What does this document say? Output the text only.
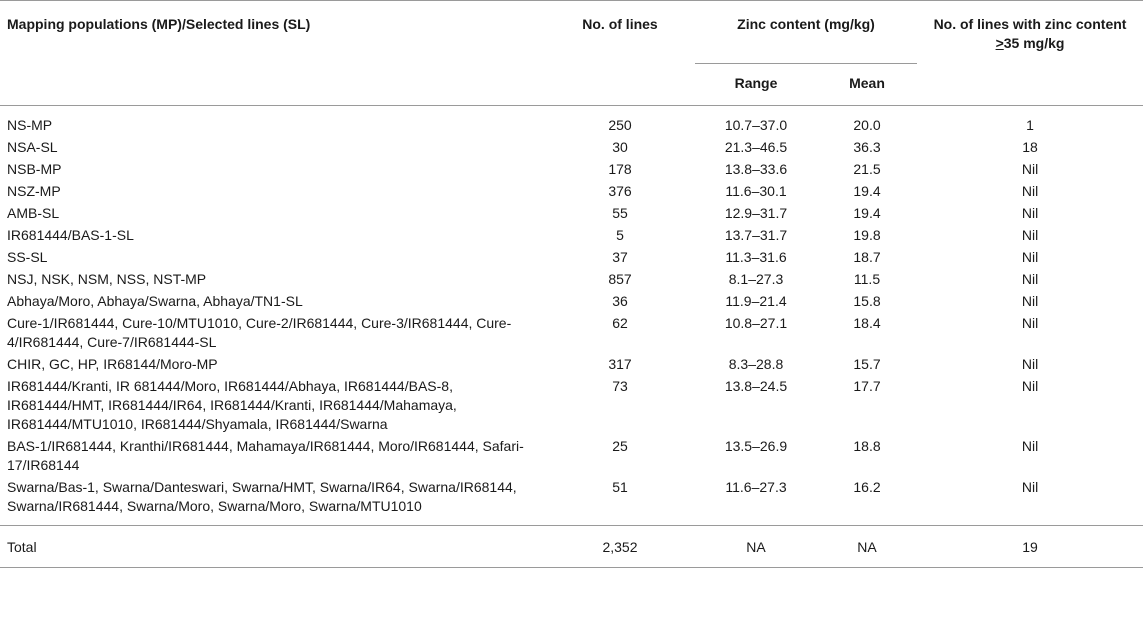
Mapping populations (MP)/Selected lines (SL)	No. of lines	Zinc content (mg/kg)		No. of lines with zinc content ≥35 mg/kg
		Range	Mean	
NS-MP	250	10.7–37.0	20.0	1
NSA-SL	30	21.3–46.5	36.3	18
NSB-MP	178	13.8–33.6	21.5	Nil
NSZ-MP	376	11.6–30.1	19.4	Nil
AMB-SL	55	12.9–31.7	19.4	Nil
IR681444/BAS-1-SL	5	13.7–31.7	19.8	Nil
SS-SL	37	11.3–31.6	18.7	Nil
NSJ, NSK, NSM, NSS, NST-MP	857	8.1–27.3	11.5	Nil
Abhaya/Moro, Abhaya/Swarna, Abhaya/TN1-SL	36	11.9–21.4	15.8	Nil
Cure-1/IR681444, Cure-10/MTU1010, Cure-2/IR681444, Cure-3/IR681444, Cure-4/IR681444, Cure-7/IR681444-SL	62	10.8–27.1	18.4	Nil
CHIR, GC, HP, IR68144/Moro-MP	317	8.3–28.8	15.7	Nil
IR681444/Kranti, IR 681444/Moro, IR681444/Abhaya, IR681444/BAS-8, IR681444/HMT, IR681444/IR64, IR681444/Kranti, IR681444/Mahamaya, IR681444/MTU1010, IR681444/Shyamala, IR681444/Swarna	73	13.8–24.5	17.7	Nil
BAS-1/IR681444, Kranthi/IR681444, Mahamaya/IR681444, Moro/IR681444, Safari-17/IR68144	25	13.5–26.9	18.8	Nil
Swarna/Bas-1, Swarna/Danteswari, Swarna/HMT, Swarna/IR64, Swarna/IR68144, Swarna/IR681444, Swarna/Moro, Swarna/Moro, Swarna/MTU1010	51	11.6–27.3	16.2	Nil
Total	2,352	NA	NA	19
